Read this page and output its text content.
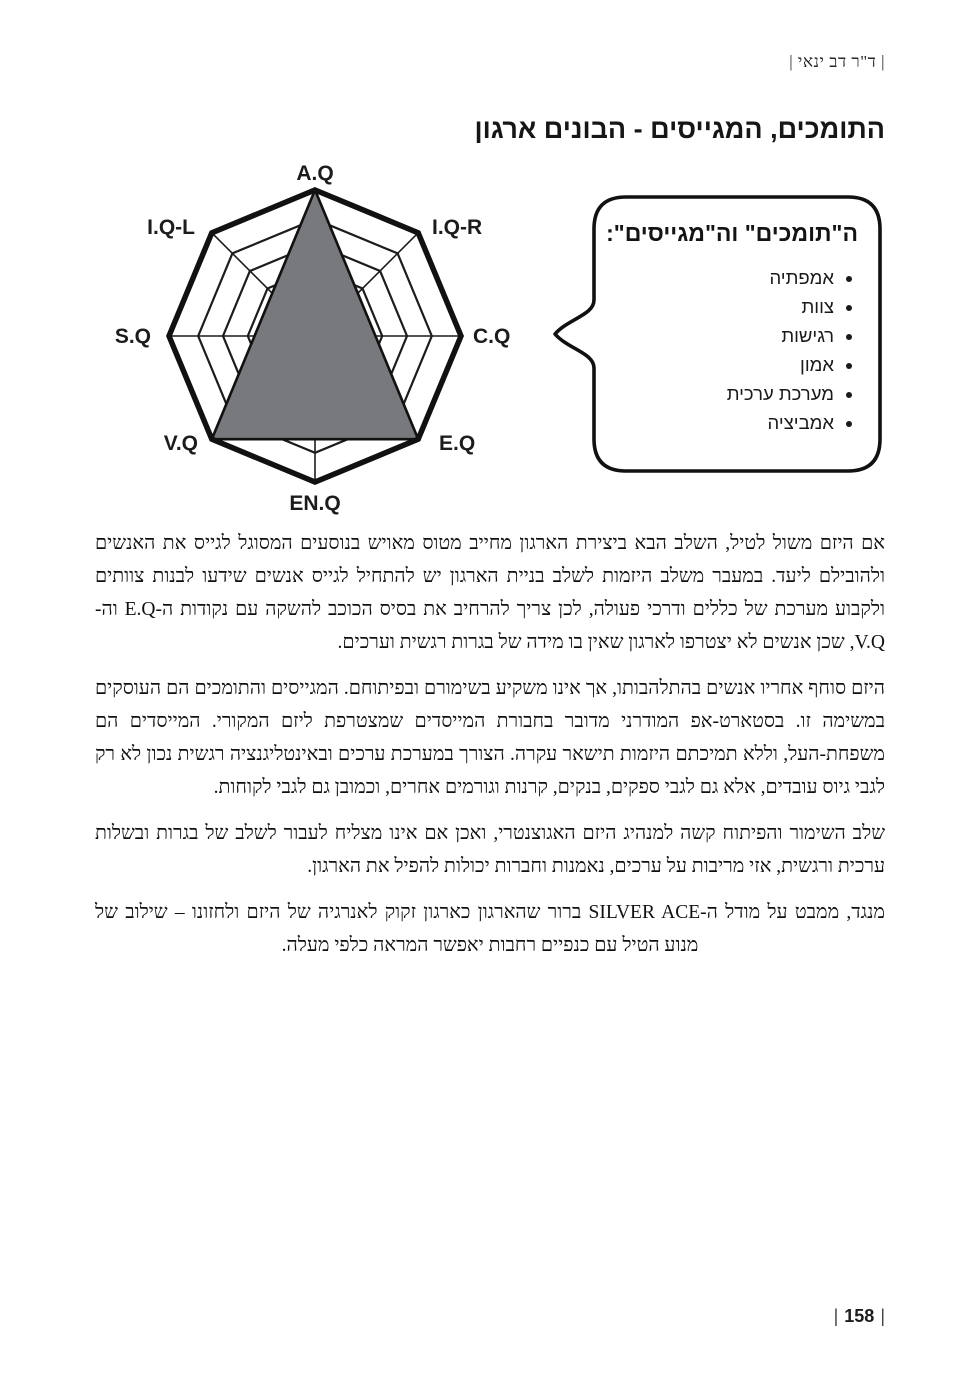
| ד"ר דב ינאי |
התומכים, המגייסים - הבונים ארגון
A.Q
I.Q-R
C.Q
E.Q
EN.Q
V.Q
S.Q
I.Q-L	ה"תומכים" וה"מגייסים":
• אמפתיה
• צוות
• רגישות
• אמון
• מערכת ערכית
• אמביציה

אם היזם משול לטיל, השלב הבא ביצירת הארגון מחייב מטוס מאויש בנוסעים המסוגל לגייס את האנשים ולהובילם ליעד. במעבר משלב היזמות לשלב בניית הארגון יש להתחיל לגייס אנשים שידעו לבנות צוותים ולקבוע מערכת של כללים ודרכי פעולה, לכן צריך להרחיב את בסיס הכוכב להשקה עם נקודות ה-E.Q וה-V.Q, שכן אנשים לא יצטרפו לארגון שאין בו מידה של בגרות רגשית וערכים.

היזם סוחף אחריו אנשים בהתלהבותו, אך אינו משקיע בשימורם ובפיתוחם. המגייסים והתומכים הם העוסקים במשימה זו. בסטארט-אפ המודרני מדובר בחבורת המייסדים שמצטרפת ליזם המקורי. המייסדים הם משפחת-העל, וללא תמיכתם היזמות תישאר עקרה. הצורך במערכת ערכים ובאינטליגנציה רגשית נכון לא רק לגבי גיוס עובדים, אלא גם לגבי ספקים, בנקים, קרנות וגורמים אחרים, וכמובן גם לגבי לקוחות.

שלב השימור והפיתוח קשה למנהיג היזם האגוצנטרי, ואכן אם אינו מצליח לעבור לשלב של בגרות ובשלות ערכית ורגשית, אזי מריבות על ערכים, נאמנות וחברות יכולות להפיל את הארגון.

מנגד, ממבט על מודל ה-SILVER ACE ברור שהארגון כארגון זקוק לאנרגיה של היזם ולחזונו – שילוב של מנוע הטיל עם כנפיים רחבות יאפשר המראה כלפי מעלה.

|158|
